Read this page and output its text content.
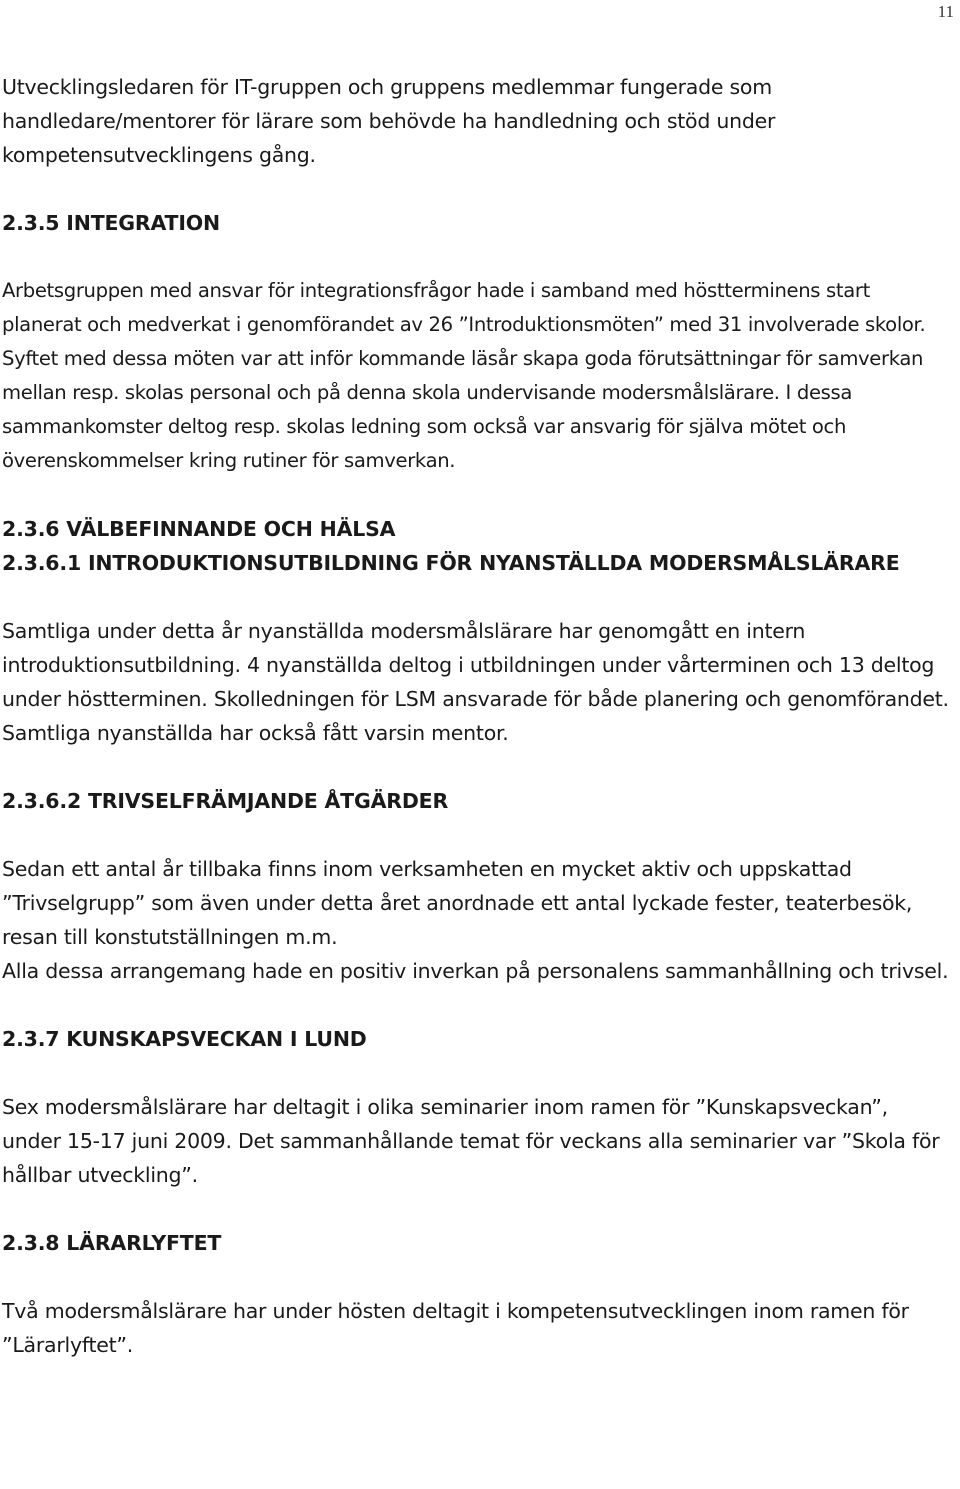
11

Utvecklingsledaren för IT-gruppen och gruppens medlemmar fungerade som handledare/mentorer för lärare som behövde ha handledning och stöd under kompetensutvecklingens gång.

2.3.5 INTEGRATION

Arbetsgruppen med ansvar för integrationsfrågor hade i samband med höstterminens start planerat och medverkat i genomförandet av 26 ”Introduktionsmöten” med 31 involverade skolor. Syftet med dessa möten var att inför kommande läsår skapa goda förutsättningar för samverkan mellan resp. skolas personal och på denna skola undervisande modersmålslärare. I dessa sammankomster deltog resp. skolas ledning som också var ansvarig för själva mötet och överenskommelser kring rutiner för samverkan.

2.3.6 VÄLBEFINNANDE OCH HÄLSA
2.3.6.1 INTRODUKTIONSUTBILDNING FÖR NYANSTÄLLDA MODERSMÅLSLÄRARE

Samtliga under detta år nyanställda modersmålslärare har genomgått en intern introduktionsutbildning. 4 nyanställda deltog i utbildningen under vårterminen och 13 deltog under höstterminen. Skolledningen för LSM ansvarade för både planering och genomförandet.

Samtliga nyanställda har också fått varsin mentor.

2.3.6.2 TRIVSELFRÄMJANDE ÅTGÄRDER

Sedan ett antal år tillbaka finns inom verksamheten en mycket aktiv och uppskattad ”Trivselgrupp” som även under detta året anordnade ett antal lyckade fester, teaterbesök, resan till konstutställningen m.m.

Alla dessa arrangemang hade en positiv inverkan på personalens sammanhållning och trivsel.

2.3.7 KUNSKAPSVECKAN I LUND

Sex modersmålslärare har deltagit i olika seminarier inom ramen för ”Kunskapsveckan”, under 15-17 juni 2009. Det sammanhållande temat för veckans alla seminarier var ”Skola för hållbar utveckling”.

2.3.8 LÄRARLYFTET

Två modersmålslärare har under hösten deltagit i kompetensutvecklingen inom ramen för ”Lärarlyftet”.
